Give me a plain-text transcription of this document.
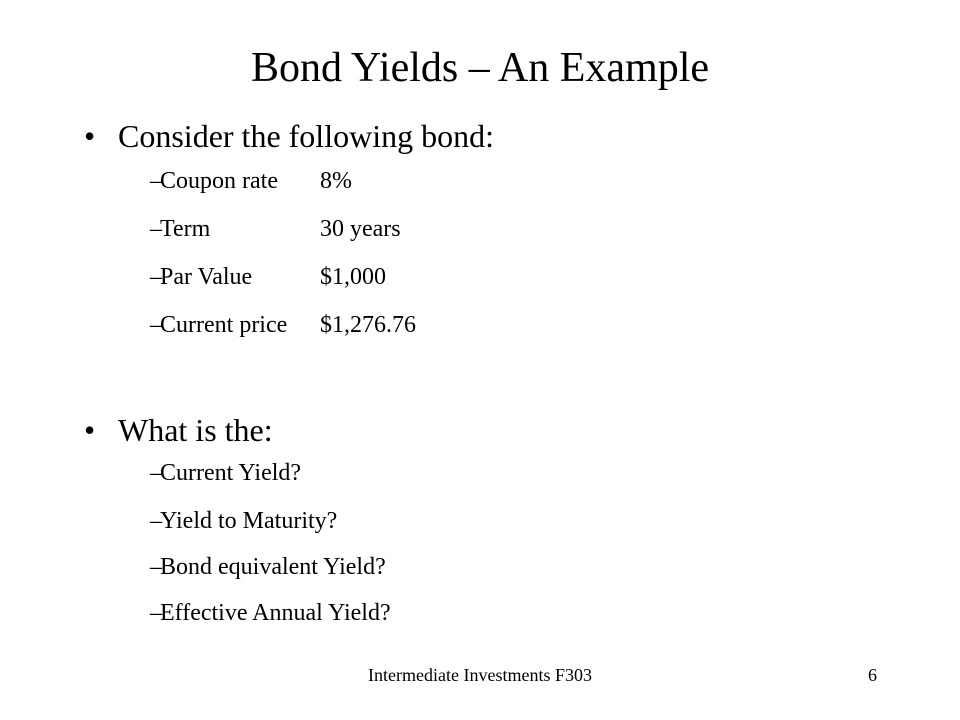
Bond Yields – An Example
• Consider the following bond:
–Coupon rate 8%
–Term	30 years
–Par Value	$1,000
–Current price $1,276.76
• What is the:
–Current Yield?
–Yield to Maturity?
–Bond equivalent Yield?
–Effective Annual Yield?
Intermediate Investments F303	6
